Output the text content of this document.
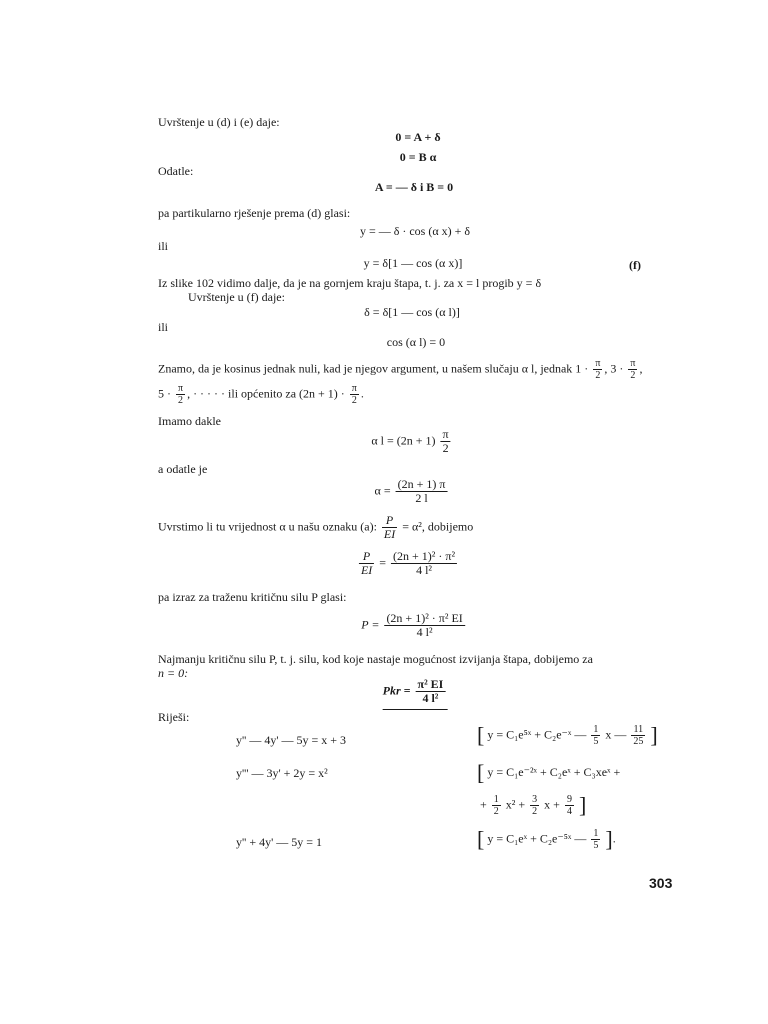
Uvrštenje u (d) i (e) daje:
0 = A + δ
0 = B α
Odatle:
A = — δ i B = 0
pa partikularno rješenje prema (d) glasi:
y = — δ · cos (α x) + δ
ili
y = δ[1 — cos (α x)]	(f)
Iz slike 102 vidimo dalje, da je na gornjem kraju štapa, t. j. za x = l progib y = δ
Uvrštenje u (f) daje:
δ = δ[1 — cos (α l)]
ili
cos (α l) = 0
Znamo, da je kosinus jednak nuli, kad je njegov argument, u našem slučaju α l, jednak $1 \cdot \frac{\pi}{2}$ , $3 \cdot \frac{\pi}{2}$ ,
$5 \cdot \frac{\pi}{2}$ , · · · · · ili općenito za $(2n + 1) \cdot \frac{\pi}{2}$ .
Imamo dakle
α $l = (2n + 1) \frac{\pi}{2}$
a odatle je
$\alpha = \frac{(2n + 1) \pi}{2 l}$
Uvrstimo li tu vrijednost α u našu oznaku (a): $\frac{P}{EI} = \alpha^2$, dobijemo
$\frac{P}{EI} = \frac{\text{(2n + 1)² · π²}}{\text{4 l²}}$
pa izraz za traženu kritičnu silu P glasi:
$P = \frac{\text{(2n + 1)² · π² EI}}{\text{4 l²}}$
Najmanju kritičnu silu P, t. j. silu, kod koje nastaje mogućnost izvijanja štapa, dobijemo za
n = 0:
Pkr = $\frac{\text{π² EI}}{\text{4 l²}}$
Riješi:
y'' — 4y' — 5y = x + 3	[ y = C₁e⁵ˣ + C₂e⁻ˣ — $\frac{1}{5}$ x — $\frac{11}{25}$ ]
y''' — 3y' + 2y = x²	[ y = C₁e⁻²ˣ + C₂eˣ + C₃xeˣ +
+ $\frac{1}{2} x^2 + \frac{3}{2}$ $x + \frac{9}{4}$ ]
y'' + 4y' — 5y = 1	[ y = C₁eˣ + C₂e⁻⁵ˣ — $\frac{1}{5}$ ].
303
